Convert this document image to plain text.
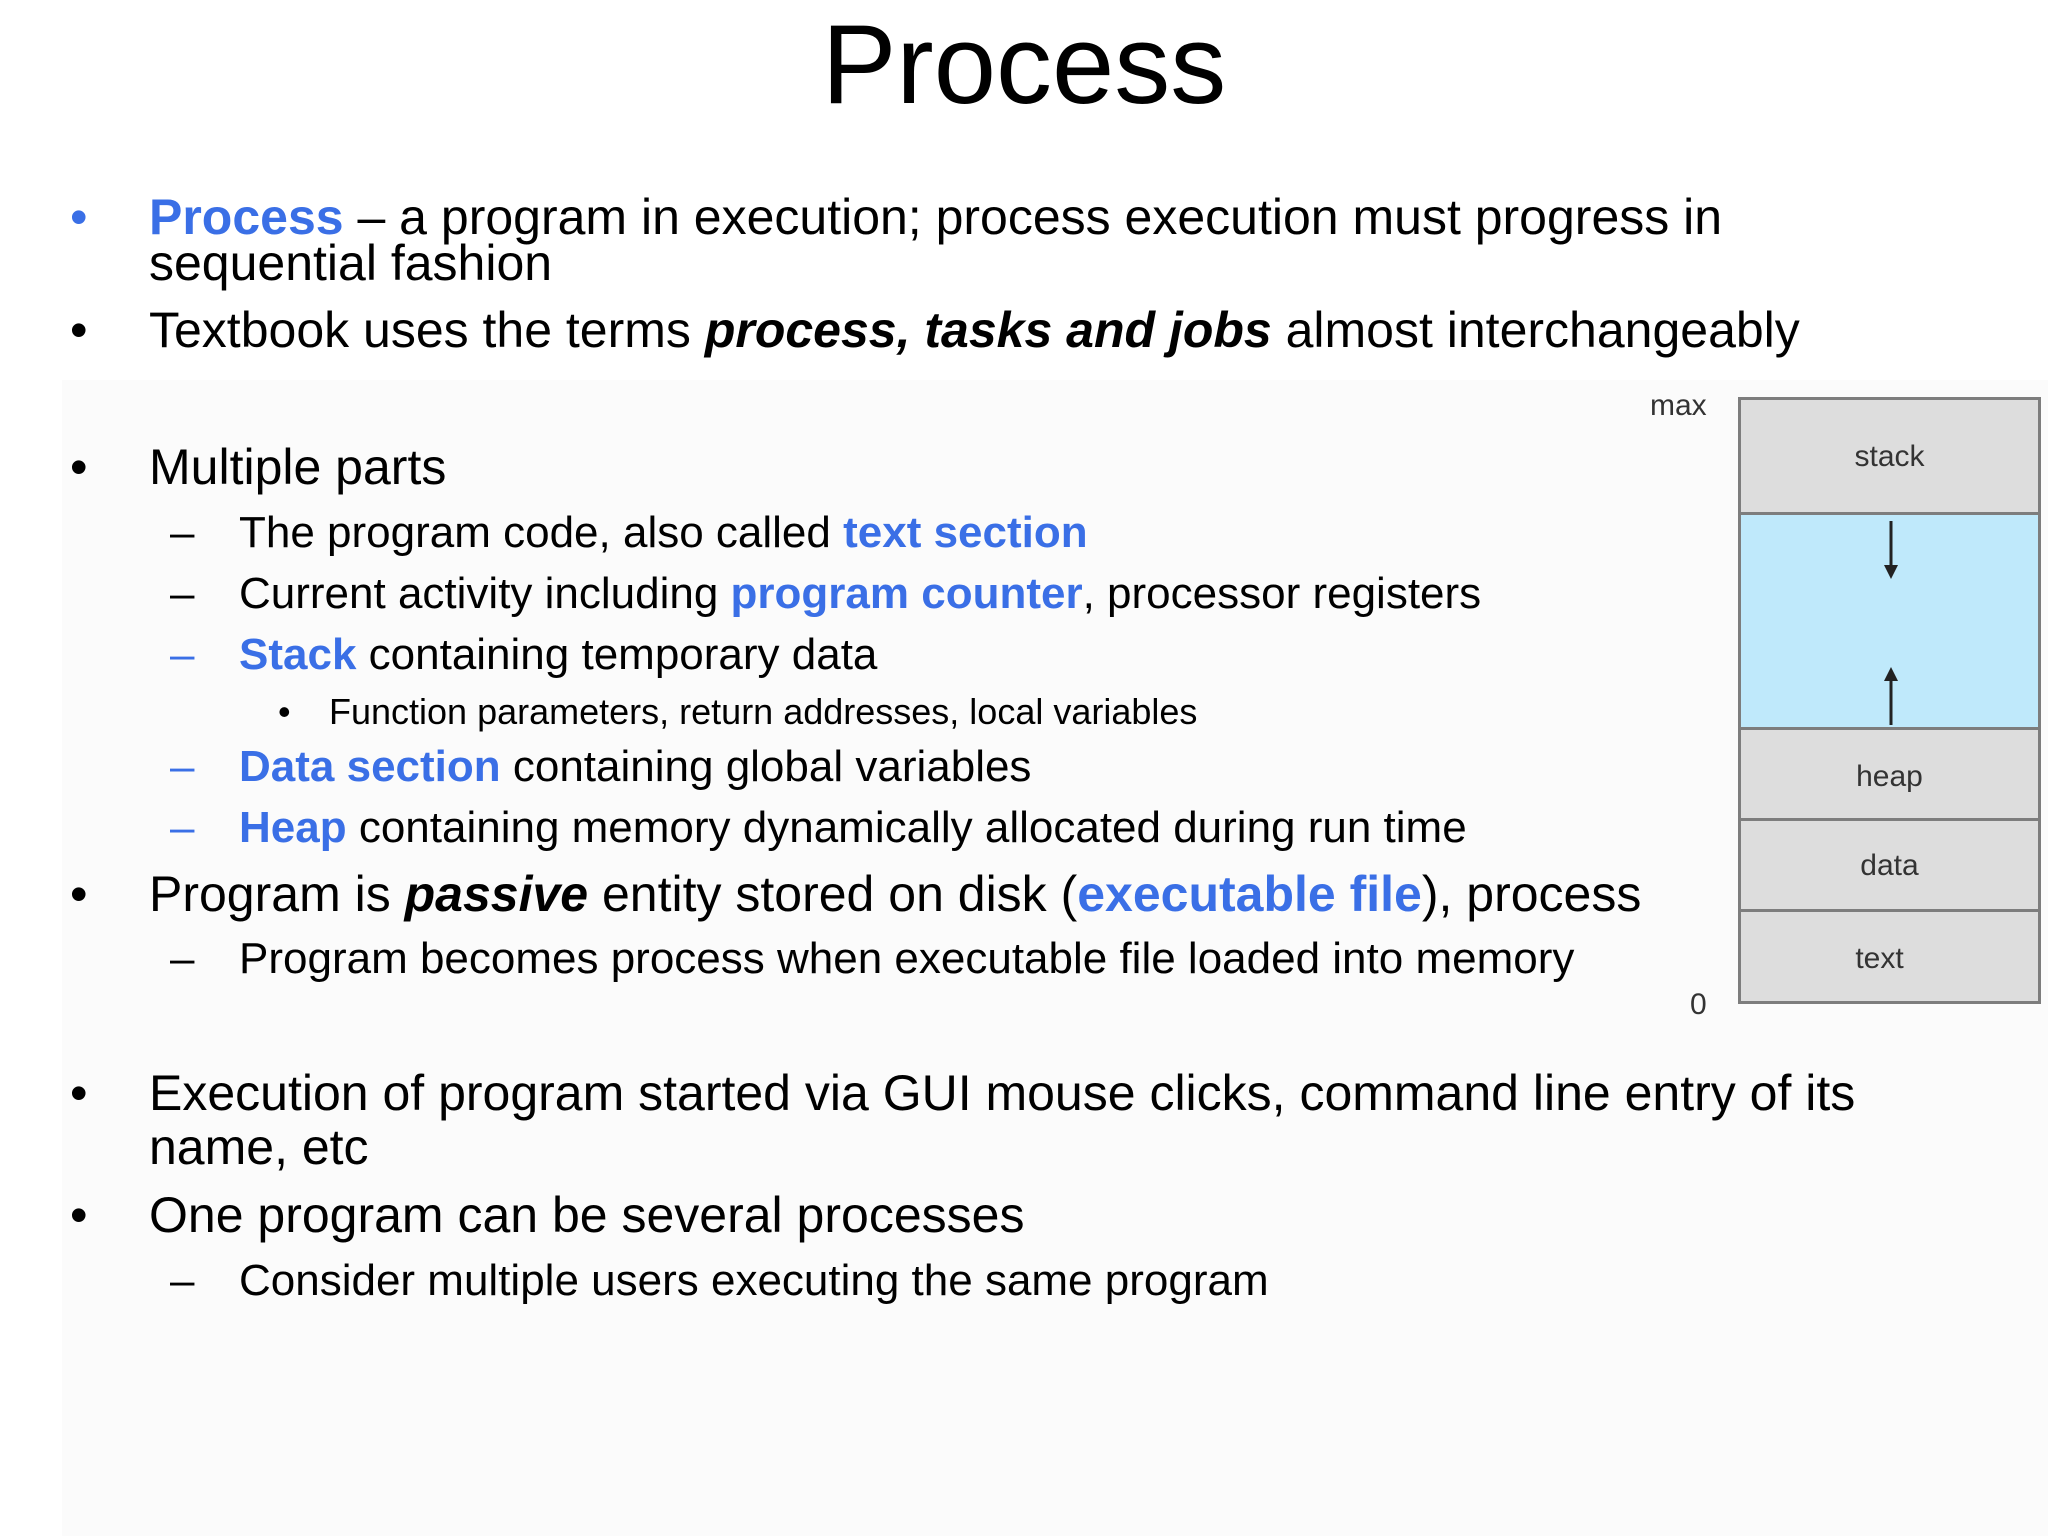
Process
• Process – a program in execution; process execution must progress in
sequential fashion
• Textbook uses the terms process, tasks and jobs almost interchangeably
• Multiple parts
– The program code, also called text section
– Current activity including program counter, processor registers
– Stack containing temporary data
• Function parameters, return addresses, local variables
– Data section containing global variables
– Heap containing memory dynamically allocated during run time
• Program is passive entity stored on disk (executable file), process
– Program becomes process when executable file loaded into memory
• Execution of program started via GUI mouse clicks, command line entry of its
name, etc
• One program can be several processes
– Consider multiple users executing the same program
max
0
stack
heap
data
text
